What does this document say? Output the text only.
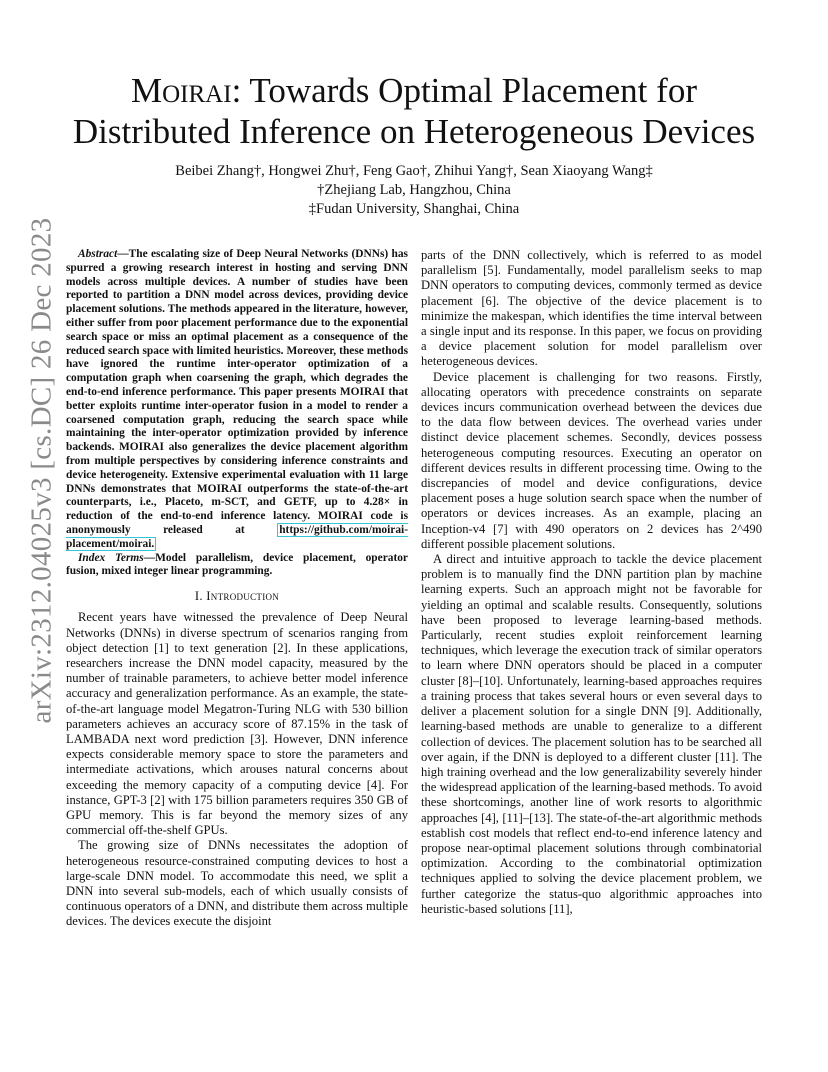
arXiv:2312.04025v3 [cs.DC] 26 Dec 2023
Moirai: Towards Optimal Placement for
Distributed Inference on Heterogeneous Devices
Beibei Zhang†, Hongwei Zhu†, Feng Gao†, Zhihui Yang†, Sean Xiaoyang Wang‡
†Zhejiang Lab, Hangzhou, China
‡Fudan University, Shanghai, China

Abstract—The escalating size of Deep Neural Networks (DNNs) has spurred a growing research interest in hosting and serving DNN models across multiple devices. A number of studies have been reported to partition a DNN model across devices, providing device placement solutions. The methods appeared in the literature, however, either suffer from poor placement performance due to the exponential search space or miss an optimal placement as a consequence of the reduced search space with limited heuristics. Moreover, these methods have ignored the runtime inter-operator optimization of a computation graph when coarsening the graph, which degrades the end-to-end inference performance. This paper presents MOIRAI that better exploits runtime inter-operator fusion in a model to render a coarsened computation graph, reducing the search space while maintaining the inter-operator optimization provided by inference backends. MOIRAI also generalizes the device placement algorithm from multiple perspectives by considering inference constraints and device heterogeneity. Extensive experimental evaluation with 11 large DNNs demonstrates that MOIRAI outperforms the state-of-the-art counterparts, i.e., Placeto, m-SCT, and GETF, up to 4.28× in reduction of the end-to-end inference latency. MOIRAI code is anonymously released at https://github.com/moirai-placement/moirai.

Index Terms—Model parallelism, device placement, operator fusion, mixed integer linear programming.

I. Introduction

Recent years have witnessed the prevalence of Deep Neural Networks (DNNs) in diverse spectrum of scenarios ranging from object detection [1] to text generation [2]. In these applications, researchers increase the DNN model capacity, measured by the number of trainable parameters, to achieve better model inference accuracy and generalization performance. As an example, the state-of-the-art language model Megatron-Turing NLG with 530 billion parameters achieves an accuracy score of 87.15% in the task of LAMBADA next word prediction [3]. However, DNN inference expects considerable memory space to store the parameters and intermediate activations, which arouses natural concerns about exceeding the memory capacity of a computing device [4]. For instance, GPT-3 [2] with 175 billion parameters requires 350 GB of GPU memory. This is far beyond the memory sizes of any commercial off-the-shelf GPUs.

The growing size of DNNs necessitates the adoption of heterogeneous resource-constrained computing devices to host a large-scale DNN model. To accommodate this need, we split a DNN into several sub-models, each of which usually consists of continuous operators of a DNN, and distribute them across multiple devices. The devices execute the disjoint

parts of the DNN collectively, which is referred to as model parallelism [5]. Fundamentally, model parallelism seeks to map DNN operators to computing devices, commonly termed as device placement [6]. The objective of the device placement is to minimize the makespan, which identifies the time interval between a single input and its response. In this paper, we focus on providing a device placement solution for model parallelism over heterogeneous devices.

Device placement is challenging for two reasons. Firstly, allocating operators with precedence constraints on separate devices incurs communication overhead between the devices due to the data flow between devices. The overhead varies under distinct device placement schemes. Secondly, devices possess heterogeneous computing resources. Executing an operator on different devices results in different processing time. Owing to the discrepancies of model and device configurations, device placement poses a huge solution search space when the number of operators or devices increases. As an example, placing an Inception-v4 [7] with 490 operators on 2 devices has 2^490 different possible placement solutions.

A direct and intuitive approach to tackle the device placement problem is to manually find the DNN partition plan by machine learning experts. Such an approach might not be favorable for yielding an optimal and scalable results. Consequently, solutions have been proposed to leverage learning-based methods. Particularly, recent studies exploit reinforcement learning techniques, which leverage the execution track of similar operators to learn where DNN operators should be placed in a computer cluster [8]–[10]. Unfortunately, learning-based approaches requires a training process that takes several hours or even several days to deliver a placement solution for a single DNN [9]. Additionally, learning-based methods are unable to generalize to a different collection of devices. The placement solution has to be searched all over again, if the DNN is deployed to a different cluster [11]. The high training overhead and the low generalizability severely hinder the widespread application of the learning-based methods. To avoid these shortcomings, another line of work resorts to algorithmic approaches [4], [11]–[13]. The state-of-the-art algorithmic methods establish cost models that reflect end-to-end inference latency and propose near-optimal placement solutions through combinatorial optimization. According to the combinatorial optimization techniques applied to solving the device placement problem, we further categorize the status-quo algorithmic approaches into heuristic-based solutions [11],
